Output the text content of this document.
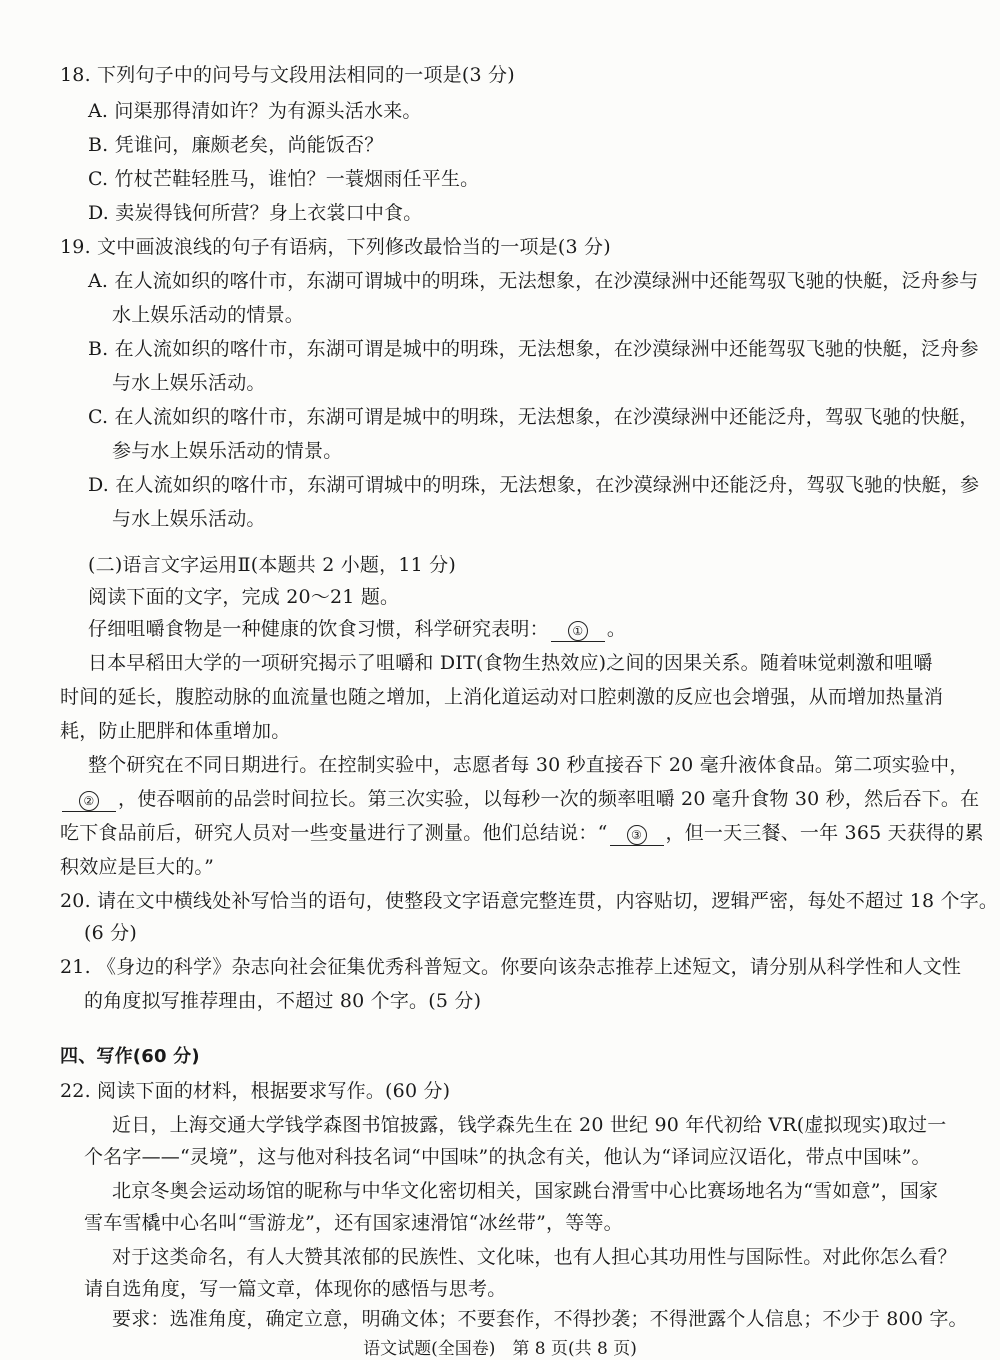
18. 下列句子中的问号与文段用法相同的一项是(3 分)
A. 问渠那得清如许？为有源头活水来。
B. 凭谁问，廉颇老矣，尚能饭否？
C. 竹杖芒鞋轻胜马，谁怕？一蓑烟雨任平生。
D. 卖炭得钱何所营？身上衣裳口中食。
19. 文中画波浪线的句子有语病，下列修改最恰当的一项是(3 分)
A. 在人流如织的喀什市，东湖可谓城中的明珠，无法想象，在沙漠绿洲中还能驾驭飞驰的快艇，泛舟参与
水上娱乐活动的情景。
B. 在人流如织的喀什市，东湖可谓是城中的明珠，无法想象，在沙漠绿洲中还能驾驭飞驰的快艇，泛舟参
与水上娱乐活动。
C. 在人流如织的喀什市，东湖可谓是城中的明珠，无法想象，在沙漠绿洲中还能泛舟，驾驭飞驰的快艇，
参与水上娱乐活动的情景。
D. 在人流如织的喀什市，东湖可谓城中的明珠，无法想象，在沙漠绿洲中还能泛舟，驾驭飞驰的快艇，参
与水上娱乐活动。
(二)语言文字运用Ⅱ(本题共 2 小题，11 分)
阅读下面的文字，完成 20～21 题。
仔细咀嚼食物是一种健康的饮食习惯，科学研究表明： ① 。
日本早稻田大学的一项研究揭示了咀嚼和 DIT(食物生热效应)之间的因果关系。随着味觉刺激和咀嚼
时间的延长，腹腔动脉的血流量也随之增加，上消化道运动对口腔刺激的反应也会增强，从而增加热量消
耗，防止肥胖和体重增加。
整个研究在不同日期进行。在控制实验中，志愿者每 30 秒直接吞下 20 毫升液体食品。第二项实验中，
② ，使吞咽前的品尝时间拉长。第三次实验，以每秒一次的频率咀嚼 20 毫升食物 30 秒，然后吞下。在
吃下食品前后，研究人员对一些变量进行了测量。他们总结说：“ ③ ，但一天三餐、一年 365 天获得的累
积效应是巨大的。”
20. 请在文中横线处补写恰当的语句，使整段文字语意完整连贯，内容贴切，逻辑严密，每处不超过 18 个字。
(6 分)
21. 《身边的科学》杂志向社会征集优秀科普短文。你要向该杂志推荐上述短文，请分别从科学性和人文性
的角度拟写推荐理由，不超过 80 个字。(5 分)
四、写作(60 分)
22. 阅读下面的材料，根据要求写作。(60 分)
近日，上海交通大学钱学森图书馆披露，钱学森先生在 20 世纪 90 年代初给 VR(虚拟现实)取过一
个名字——“灵境”，这与他对科技名词“中国味”的执念有关，他认为“译词应汉语化，带点中国味”。
北京冬奥会运动场馆的昵称与中华文化密切相关，国家跳台滑雪中心比赛场地名为“雪如意”，国家
雪车雪橇中心名叫“雪游龙”，还有国家速滑馆“冰丝带”，等等。
对于这类命名，有人大赞其浓郁的民族性、文化味，也有人担心其功用性与国际性。对此你怎么看？
请自选角度，写一篇文章，体现你的感悟与思考。
要求：选准角度，确定立意，明确文体；不要套作，不得抄袭；不得泄露个人信息；不少于 800 字。
语文试题(全国卷)　第 8 页(共 8 页)
